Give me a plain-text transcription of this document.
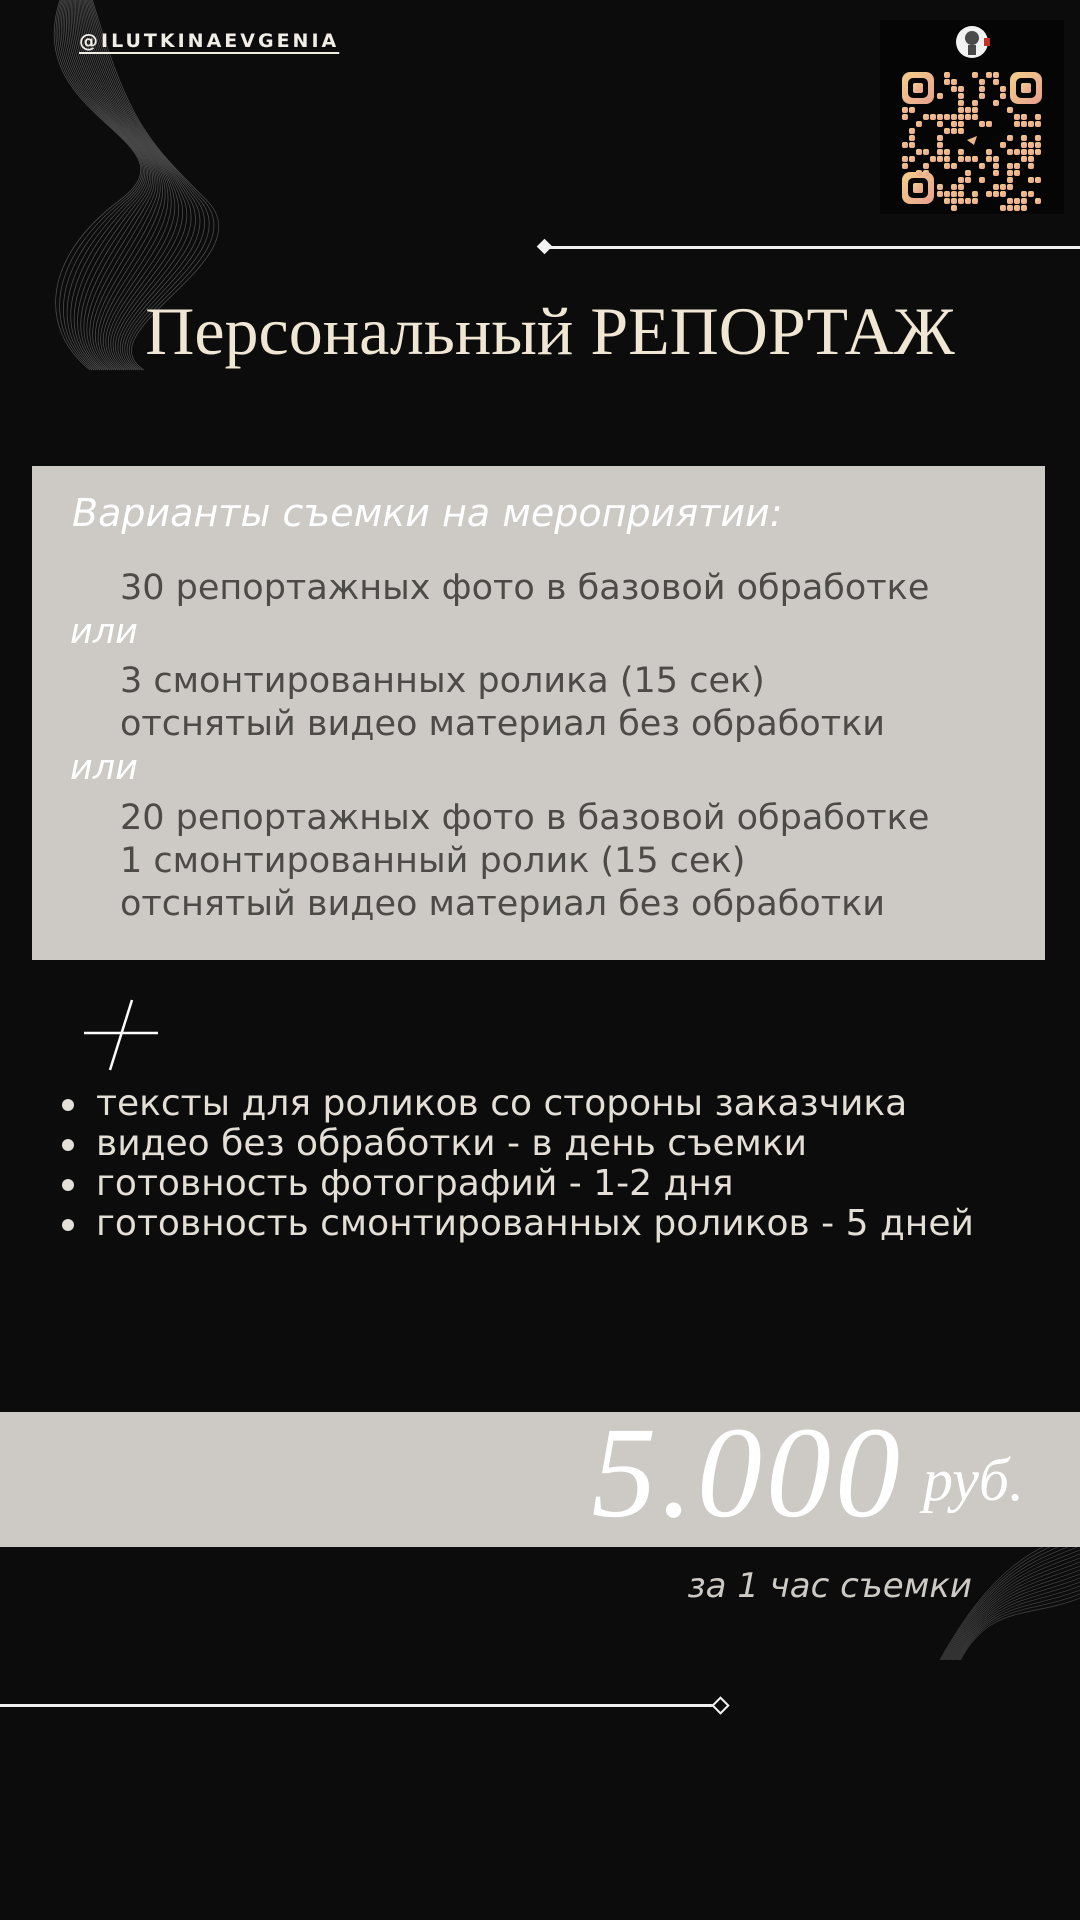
@ILUTKINAEVGENIA
Персональный РЕПОРТАЖ
Варианты съемки на мероприятии:
30 репортажных фото в базовой обработке
или
3 смонтированных ролика (15 сек)
отснятый видео материал без обработки
или
20 репортажных фото в базовой обработке
1 смонтированный ролик (15 сек)
отснятый видео материал без обработки
тексты для роликов со стороны заказчика
видео без обработки - в день съемки
готовность фотографий - 1-2 дня
готовность смонтированных роликов - 5 дней
5.000 руб.
за 1 час съемки
